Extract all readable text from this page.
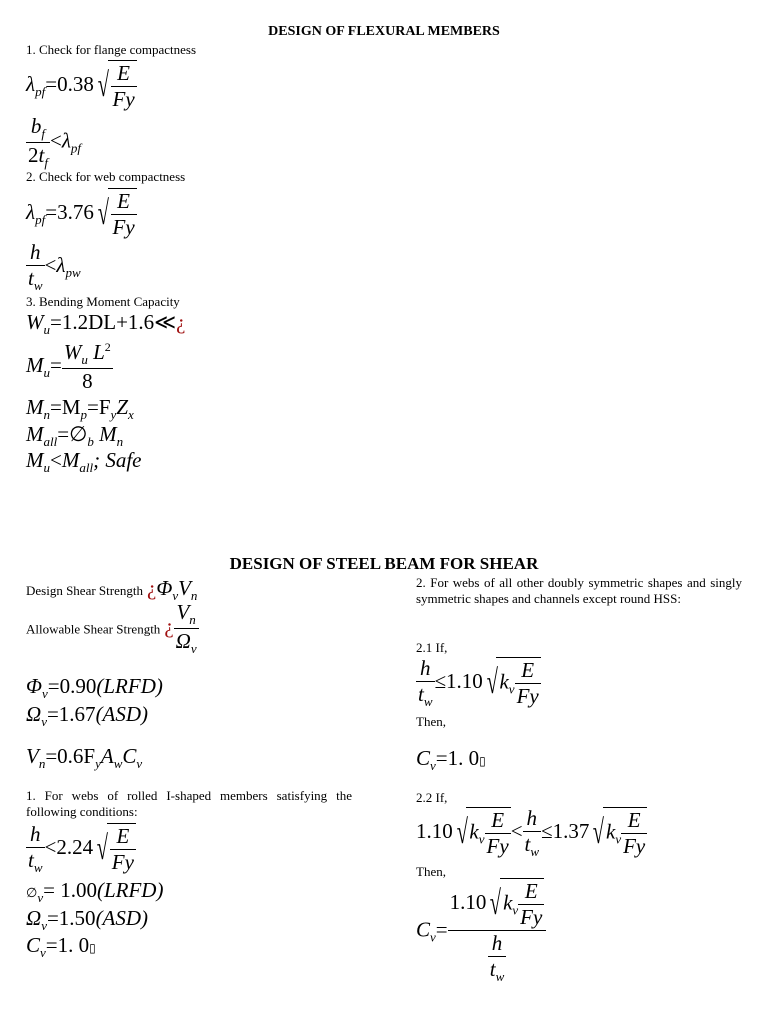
DESIGN OF FLEXURAL MEMBERS
1. Check for flange compactness
$\lambda_{pf}=0.38$ √ $\frac{E}{Fy}$
$\frac{b_f}{2t_f} <\lambda_{pf}$
2. Check for web compactness
$\lambda_{pf}=3.76$ √ $\frac{E}{Fy}$
$\frac{h}{t_w} <\lambda_{pw}$
3. Bending Moment Capacity
$W_u=1.2DL+1.6≪¿$
$M_u= \frac{W_u L^2}{8}$
$M_n=M_p=F_yZ_x$
$M_{all}=\emptyset_b$ $M_n$
$M_u<M_{all}$; Safe
DESIGN OF STEEL BEAM FOR SHEAR
Design Shear Strength ¿$\Phi_vV_n$
Allowable Shear Strength ¿ $\frac{V_n}{\Omega_v}$
$\Phi_v=0.90(LRFD)$
$\Omega_v=1.67(ASD)$
$V_n=0.6F_yA_wC_v$
1. For webs of rolled I-shaped members satisfying the following conditions:
$\frac{h}{t_w} <2.24$ √ $\frac{E}{Fy}$
$\emptyset_v=$ 1.00(LRFD)
$\Omega_v=1.50(ASD)$
$C_v=1$. 0▯
2. For webs of all other doubly symmetric shapes and singly symmetric shapes and channels except round HSS:
2.1 If,
$\frac{h}{t_w} \le 1.10$ $√k_v \frac{E}{Fy}$
Then,
$C_v=1$. 0▯
2.2 If,
1.10 $√k_v \frac{E}{Fy} < \frac{h}{t_w} \le 1.37$ $√k_v \frac{E}{Fy}$
Then,
$C_v= \frac{1.10 √k_v \frac{E}{Fy}}{\frac{h}{t_w}}$
